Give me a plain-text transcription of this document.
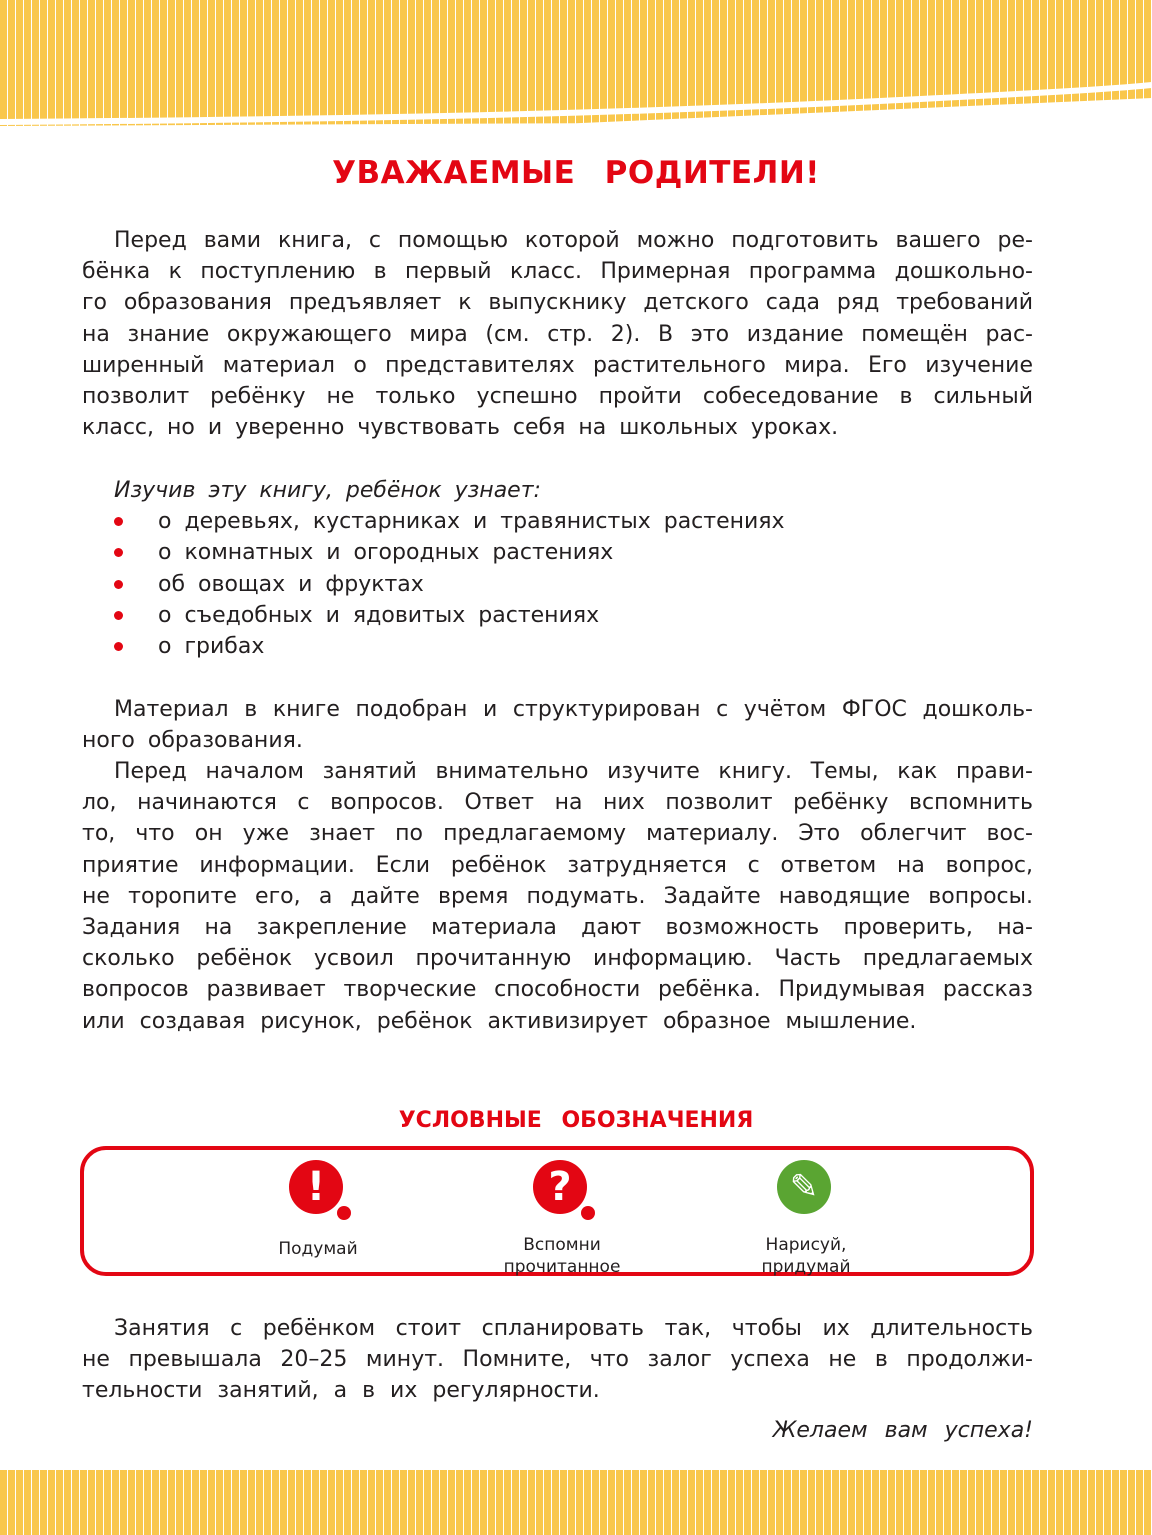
УВАЖАЕМЫЕ РОДИТЕЛИ!
Перед вами книга, с помощью которой можно подготовить вашего ре-
бёнка к поступлению в первый класс. Примерная программа дошкольно-
го образования предъявляет к выпускнику детского сада ряд требований
на знание окружающего мира (см. стр. 2). В это издание помещён рас-
ширенный материал о представителях растительного мира. Его изучение
позволит ребёнку не только успешно пройти собеседование в сильный
класс, но и уверенно чувствовать себя на школьных уроках.
Изучив эту книгу, ребёнок узнает:
о деревьях, кустарниках и травянистых растениях
о комнатных и огородных растениях
об овощах и фруктах
о съедобных и ядовитых растениях
о грибах
Материал в книге подобран и структурирован с учётом ФГОС дошколь-
ного образования.
Перед началом занятий внимательно изучите книгу. Темы, как прави-
ло, начинаются с вопросов. Ответ на них позволит ребёнку вспомнить
то, что он уже знает по предлагаемому материалу. Это облегчит вос-
приятие информации. Если ребёнок затрудняется с ответом на вопрос,
не торопите его, а дайте время подумать. Задайте наводящие вопросы.
Задания на закрепление материала дают возможность проверить, на-
сколько ребёнок усвоил прочитанную информацию. Часть предлагаемых
вопросов развивает творческие способности ребёнка. Придумывая рассказ
или создавая рисунок, ребёнок активизирует образное мышление.
УСЛОВНЫЕ ОБОЗНАЧЕНИЯ
!
Подумай
?
Вспомни
прочитанное
✎
Нарисуй,
придумай
Занятия с ребёнком стоит спланировать так, чтобы их длительность
не превышала 20–25 минут. Помните, что залог успеха не в продолжи-
тельности занятий, а в их регулярности.
Желаем вам успеха!
